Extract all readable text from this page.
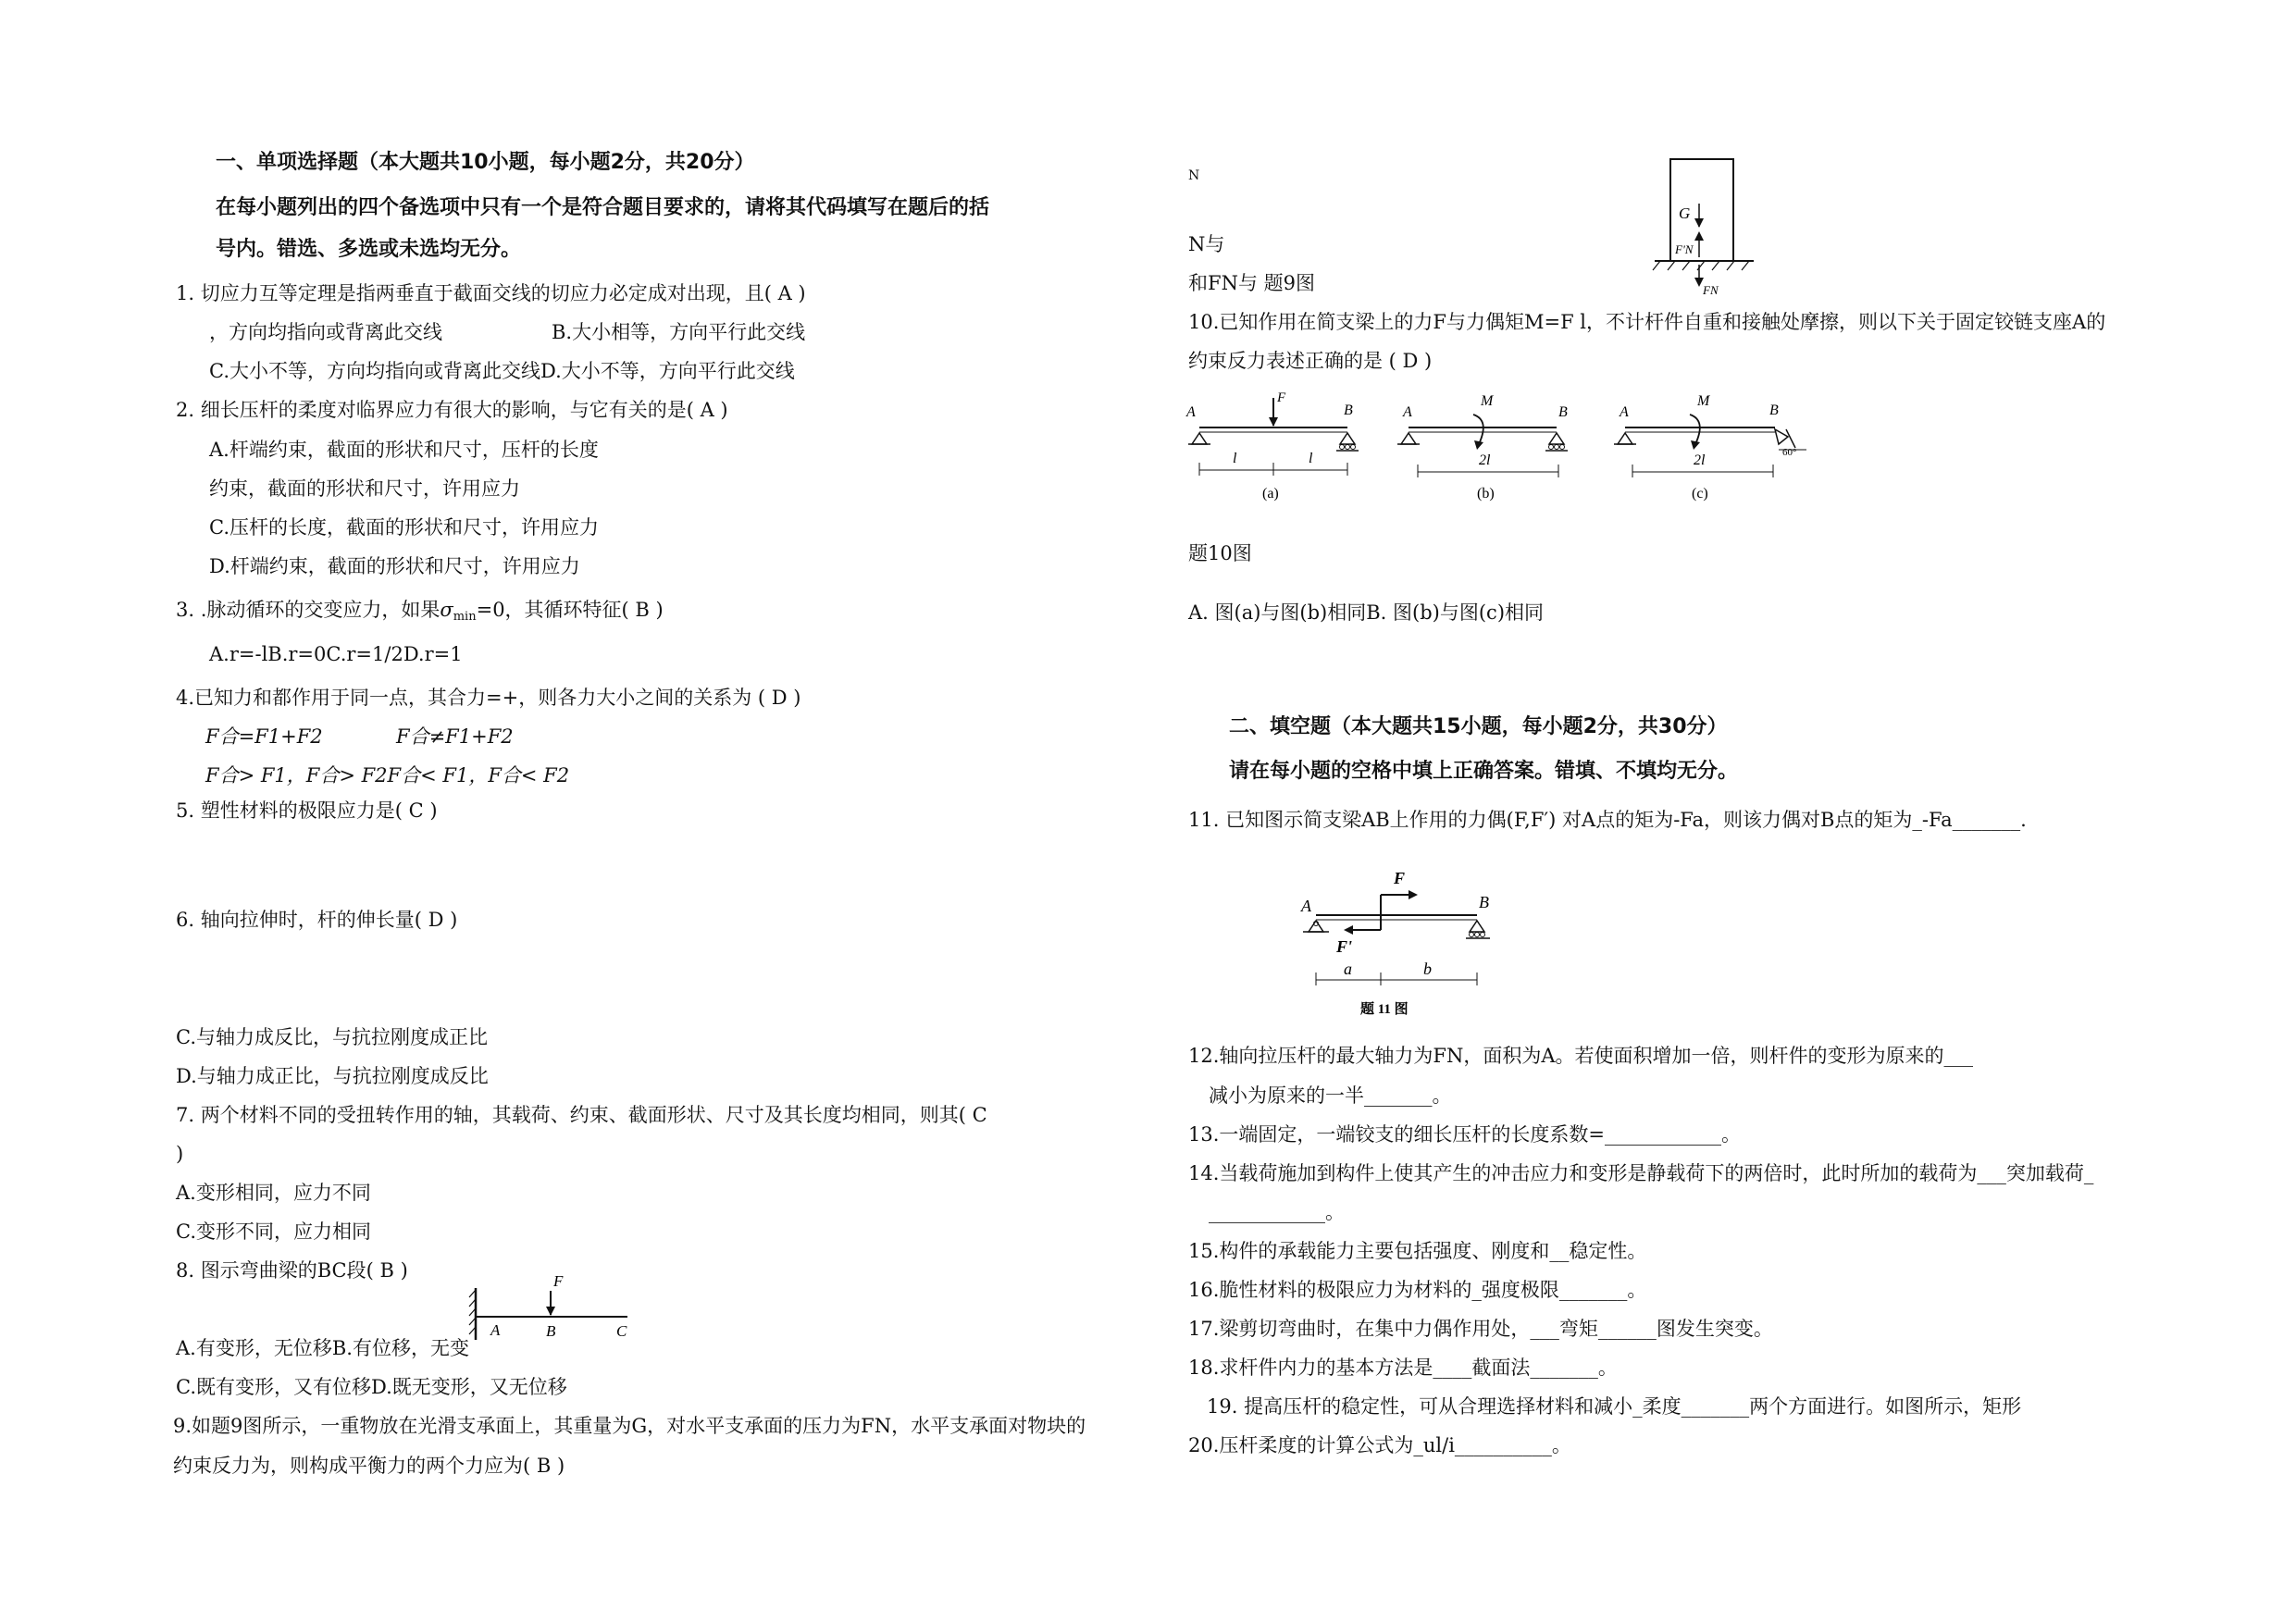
一、单项选择题（本大题共10小题，每小题2分，共20分）
在每小题列出的四个备选项中只有一个是符合题目要求的，请将其代码填写在题后的括
号内。错选、多选或未选均无分。
1. 切应力互等定理是指两垂直于截面交线的切应力必定成对出现，且( A )
，方向均指向或背离此交线	B.大小相等，方向平行此交线
C.大小不等，方向均指向或背离此交线D.大小不等，方向平行此交线
2. 细长压杆的柔度对临界应力有很大的影响，与它有关的是( A )
A.杆端约束，截面的形状和尺寸，压杆的长度
约束，截面的形状和尺寸，许用应力
C.压杆的长度，截面的形状和尺寸，许用应力
D.杆端约束，截面的形状和尺寸，许用应力
3. .脉动循环的交变应力，如果$\sigma_{min}=0$，其循环特征( B )
A.r=-lB.r=0C.r=1/2D.r=1
4.已知力和都作用于同一点，其合力=+，则各力大小之间的关系为 ( D )
F合=F1+F2	F合≠F1+F2
F合> F1，F合> F2F合< F1，F合< F2
5. 塑性材料的极限应力是( C )
6. 轴向拉伸时，杆的伸长量( D )
C.与轴力成反比，与抗拉刚度成正比
D.与轴力成正比，与抗拉刚度成反比
7. 两个材料不同的受扭转作用的轴，其载荷、约束、截面形状、尺寸及其长度均相同，则其( C
)
A.变形相同，应力不同
C.变形不同，应力相同
8. 图示弯曲梁的BC段( B )
A.有变形，无位移B.有位移，无变
C.既有变形，又有位移D.既无变形，又无位移
F
A	B	C
9.如题9图所示，一重物放在光滑支承面上，其重量为G，对水平支承面的压力为FN，水平支承面对物块的
约束反力为，则构成平衡力的两个力应为( B )
N
N与
和FN与 题9图
G
F'N
FN
10.已知作用在简支梁上的力F与力偶矩M=F l，不计杆件自重和接触处摩擦，则以下关于固定铰链支座A的
约束反力表述正确的是 ( D )
F
A	B
l	l
(a)
M
A	B
2l
(b)
M
A	B
60°
2l
(c)
题10图
A. 图(a)与图(b)相同B. 图(b)与图(c)相同
二、填空题（本大题共15小题，每小题2分，共30分）
请在每小题的空格中填上正确答案。错填、不填均无分。
11. 已知图示简支梁AB上作用的力偶(F,F′) 对A点的矩为-Fa，则该力偶对B点的矩为_-Fa_______.
F
F'
A	B
a	b
题 11 图
12.轴向拉压杆的最大轴力为FN，面积为A。若使面积增加一倍，则杆件的变形为原来的___
减小为原来的一半_______。
13.一端固定，一端铰支的细长压杆的长度系数=____________。
14.当载荷施加到构件上使其产生的冲击应力和变形是静载荷下的两倍时，此时所加的载荷为___突加载荷_
____________。
15.构件的承载能力主要包括强度、刚度和__稳定性。
16.脆性材料的极限应力为材料的_强度极限_______。
17.梁剪切弯曲时，在集中力偶作用处，___弯矩______图发生突变。
18.求杆件内力的基本方法是____截面法_______。
19. 提高压杆的稳定性，可从合理选择材料和减小_柔度_______两个方面进行。如图所示，矩形
20.压杆柔度的计算公式为_ul/i__________。
